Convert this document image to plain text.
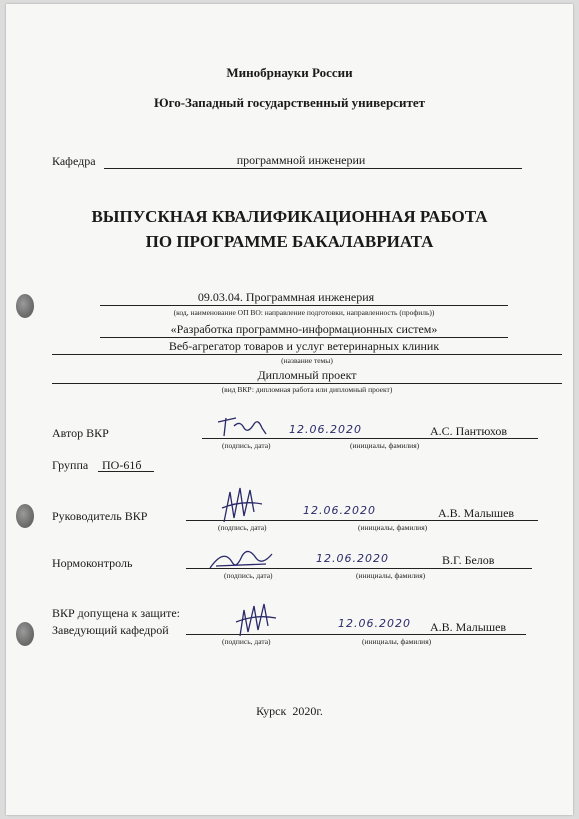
Минобрнауки России
Юго-Западный государственный университет
Кафедра	программной инженерии
ВЫПУСКНАЯ КВАЛИФИКАЦИОННАЯ РАБОТА
ПО ПРОГРАММЕ БАКАЛАВРИАТА
09.03.04. Программная инженерия
(код, наименование ОП ВО: направление подготовки, направленность (профиль))
«Разработка программно-информационных систем»
Веб-агрегатор товаров и услуг ветеринарных клиник
(название темы)
Дипломный проект
(вид ВКР: дипломная работа или дипломный проект)
Автор ВКР	12.06.2020	А.С. Пантюхов
(подпись, дата)	(инициалы, фамилия)
Группа ПО-61б
Руководитель ВКР	12.06.2020	А.В. Малышев
(подпись, дата)	(инициалы, фамилия)
Нормоконтроль	12.06.2020	В.Г. Белов
(подпись, дата)	(инициалы, фамилия)
ВКР допущена к защите:
Заведующий кафедрой	12.06.2020 А.В. Малышев
(подпись, дата)	(инициалы, фамилия)
Курск  2020г.
